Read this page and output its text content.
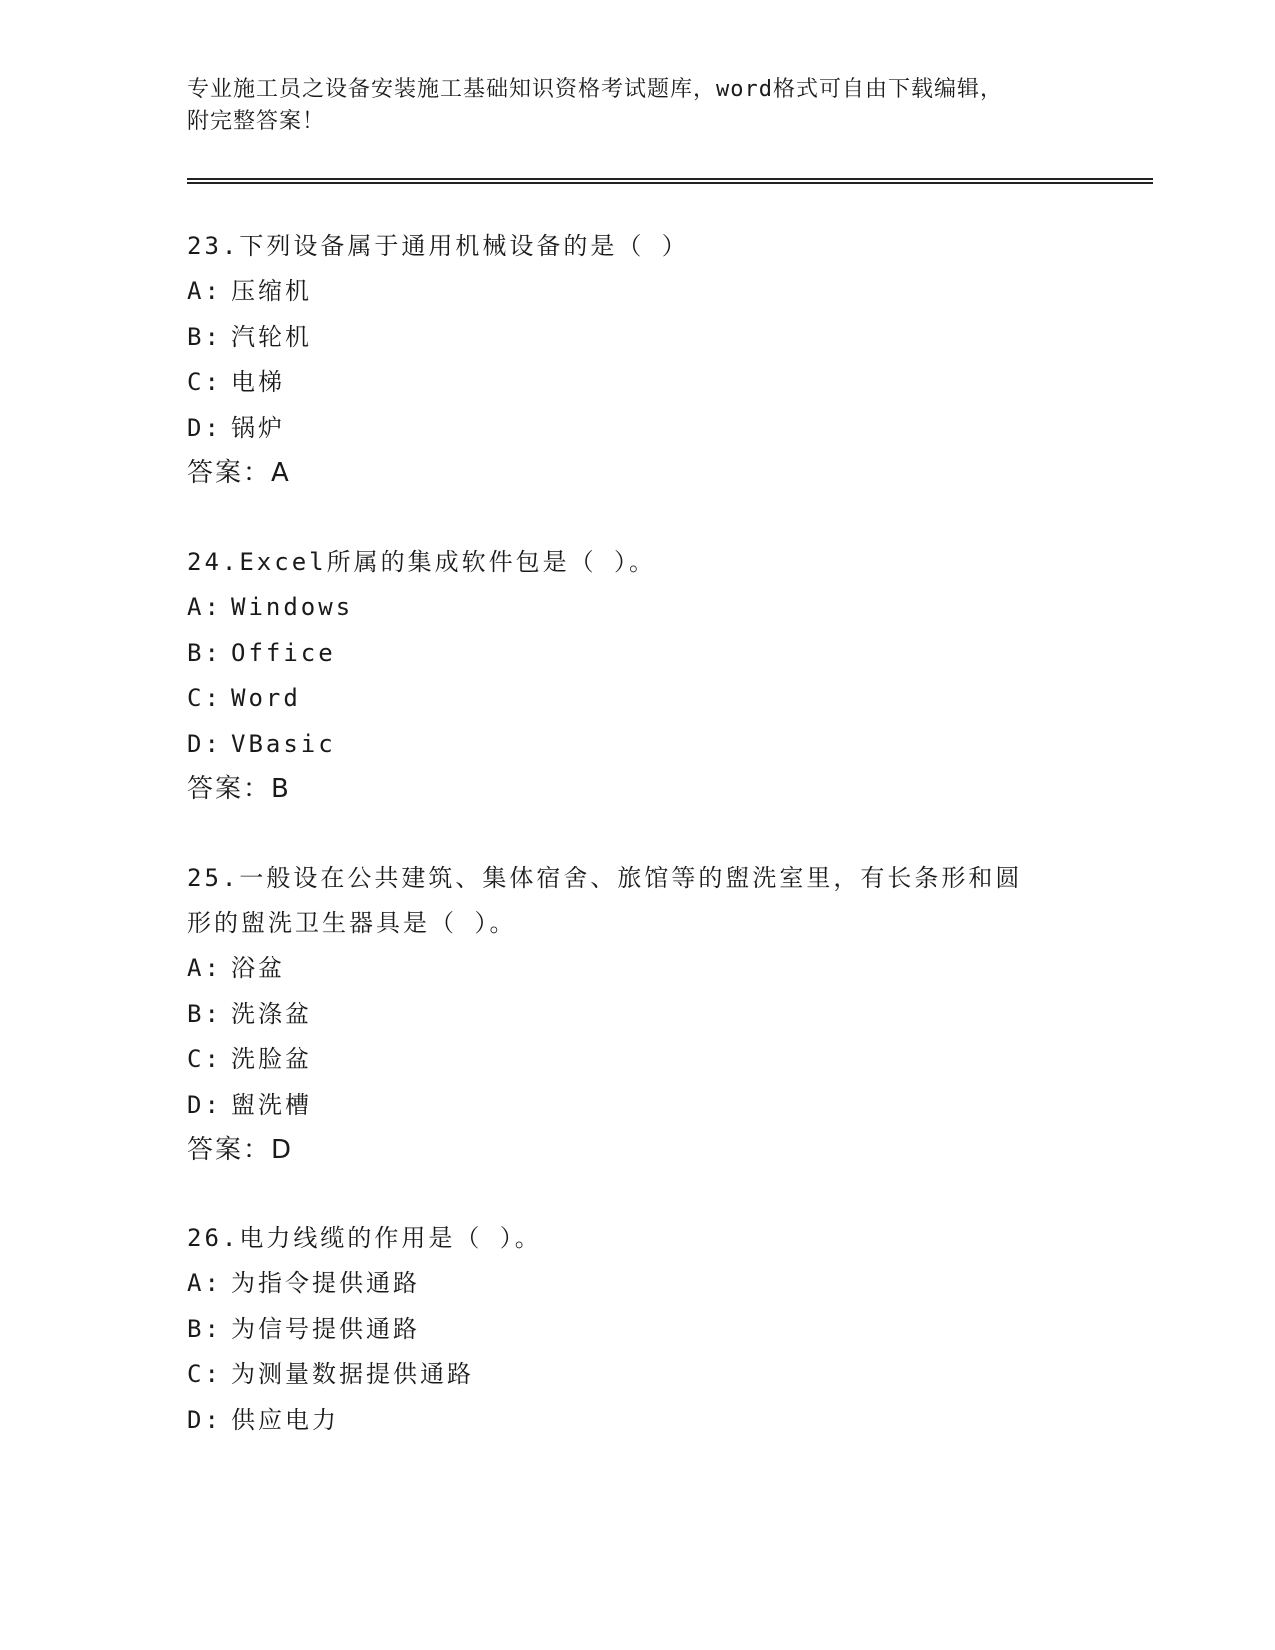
专业施工员之设备安装施工基础知识资格考试题库，word格式可自由下载编辑，
附完整答案！

23.下列设备属于通用机械设备的是（ ）

A: 压缩机
B: 汽轮机
C: 电梯
D: 锅炉
答案：A

24.Excel所属的集成软件包是（ ）。

A: Windows
B: Office
C: Word
D: VBasic
答案：B

25.一般设在公共建筑、集体宿舍、旅馆等的盥洗室里，有长条形和圆
形的盥洗卫生器具是（ ）。

A: 浴盆
B: 洗涤盆
C: 洗脸盆
D: 盥洗槽
答案：D

26.电力线缆的作用是（ ）。

A: 为指令提供通路
B: 为信号提供通路
C: 为测量数据提供通路
D: 供应电力
